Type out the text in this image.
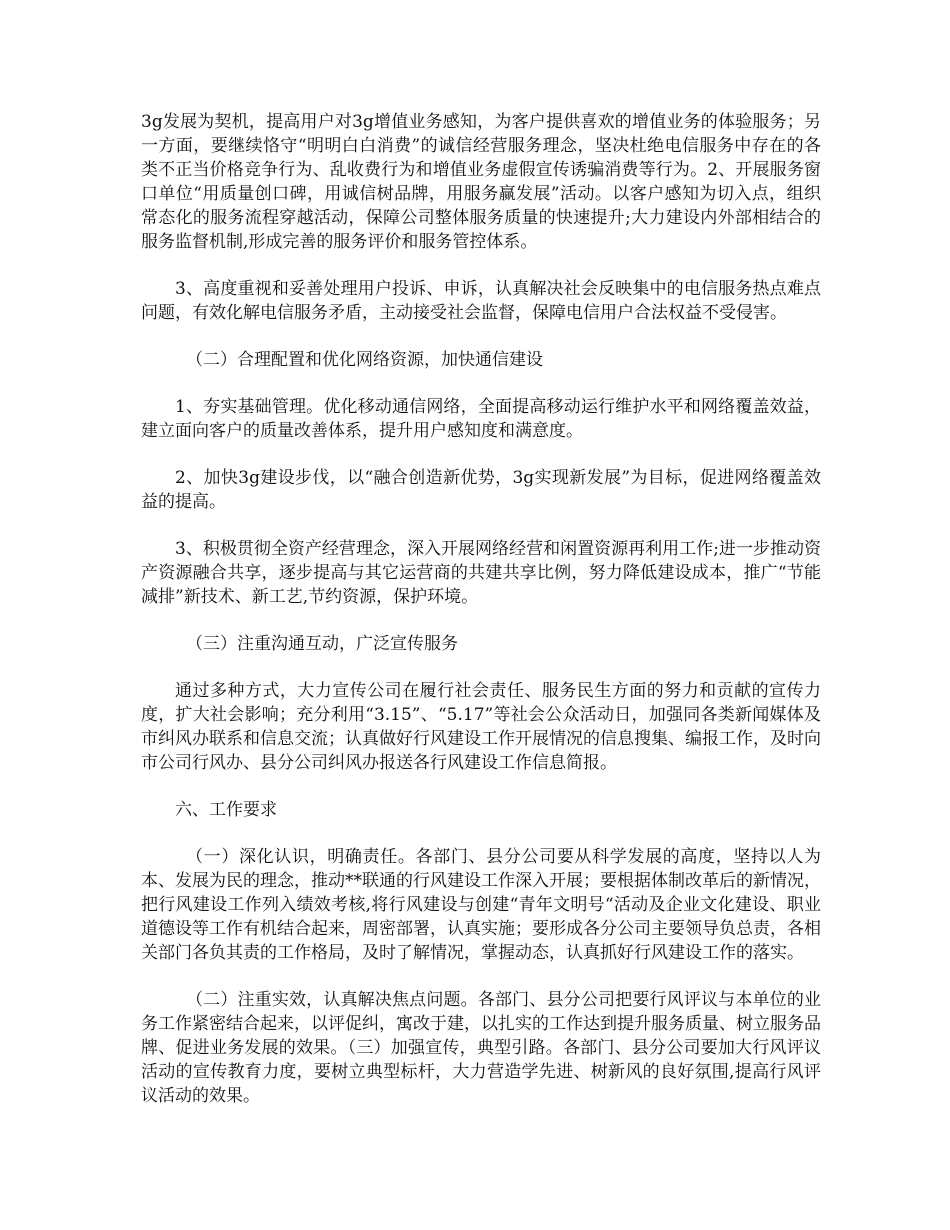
3g发展为契机，提高用户对3g增值业务感知，为客户提供喜欢的增值业务的体验服务；另一方面，要继续恪守“明明白白消费”的诚信经营服务理念，坚决杜绝电信服务中存在的各类不正当价格竞争行为、乱收费行为和增值业务虚假宣传诱骗消费等行为。2、开展服务窗口单位“用质量创口碑，用诚信树品牌，用服务赢发展”活动。以客户感知为切入点，组织常态化的服务流程穿越活动，保障公司整体服务质量的快速提升;大力建设内外部相结合的服务监督机制,形成完善的服务评价和服务管控体系。

3、高度重视和妥善处理用户投诉、申诉，认真解决社会反映集中的电信服务热点难点问题，有效化解电信服务矛盾，主动接受社会监督，保障电信用户合法权益不受侵害。

（二）合理配置和优化网络资源，加快通信建设

1、夯实基础管理。优化移动通信网络，全面提高移动运行维护水平和网络覆盖效益，建立面向客户的质量改善体系，提升用户感知度和满意度。

2、加快3g建设步伐，以“融合创造新优势，3g实现新发展”为目标，促进网络覆盖效益的提高。

3、积极贯彻全资产经营理念，深入开展网络经营和闲置资源再利用工作;进一步推动资产资源融合共享，逐步提高与其它运营商的共建共享比例，努力降低建设成本，推广“节能减排”新技术、新工艺,节约资源，保护环境。

（三）注重沟通互动，广泛宣传服务

通过多种方式，大力宣传公司在履行社会责任、服务民生方面的努力和贡献的宣传力度，扩大社会影响；充分利用“3.15”、“5.17”等社会公众活动日，加强同各类新闻媒体及市纠风办联系和信息交流；认真做好行风建设工作开展情况的信息搜集、编报工作，及时向市公司行风办、县分公司纠风办报送各行风建设工作信息简报。

六、工作要求

（一）深化认识，明确责任。各部门、县分公司要从科学发展的高度，坚持以人为本、发展为民的理念，推动**联通的行风建设工作深入开展；要根据体制改革后的新情况，把行风建设工作列入绩效考核,将行风建设与创建“青年文明号“活动及企业文化建设、职业道德设等工作有机结合起来，周密部署，认真实施；要形成各分公司主要领导负总责，各相关部门各负其责的工作格局，及时了解情况，掌握动态，认真抓好行风建设工作的落实。

（二）注重实效，认真解决焦点问题。各部门、县分公司把要行风评议与本单位的业务工作紧密结合起来，以评促纠，寓改于建，以扎实的工作达到提升服务质量、树立服务品牌、促进业务发展的效果。（三）加强宣传，典型引路。各部门、县分公司要加大行风评议活动的宣传教育力度，要树立典型标杆，大力营造学先进、树新风的良好氛围,提高行风评议活动的效果。
